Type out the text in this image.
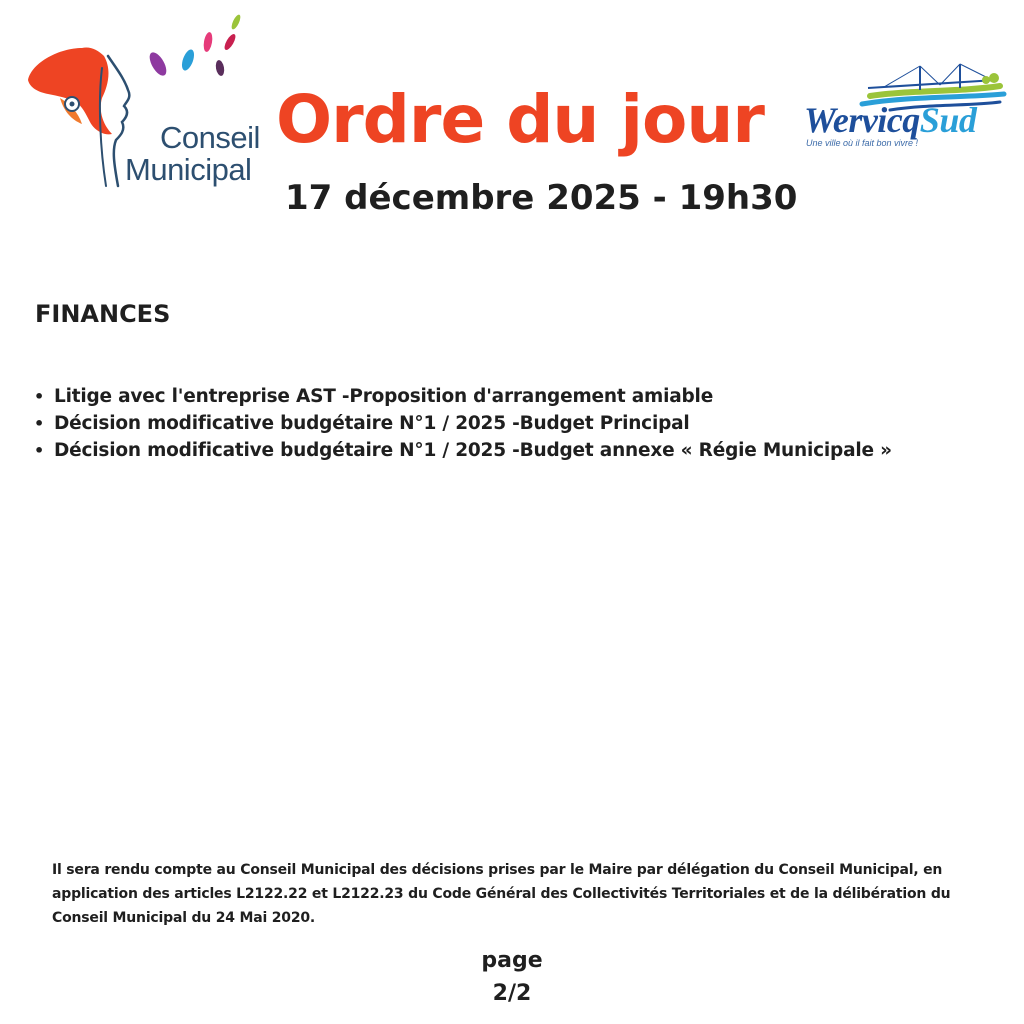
Conseil
Municipal
Ordre du jour
17 décembre 2025 - 19h30
WervicqSud
Une ville où il fait bon vivre !
FINANCES
• Litige avec l'entreprise AST -Proposition d'arrangement amiable
• Décision modificative budgétaire N°1 / 2025 -Budget Principal
• Décision modificative budgétaire N°1 / 2025 -Budget annexe « Régie Municipale »

Il sera rendu compte au Conseil Municipal des décisions prises par le Maire par délégation du Conseil Municipal, en application des articles L2122.22 et L2122.23 du Code Général des Collectivités Territoriales et de la délibération du Conseil Municipal du 24 Mai 2020.

page
2/2
